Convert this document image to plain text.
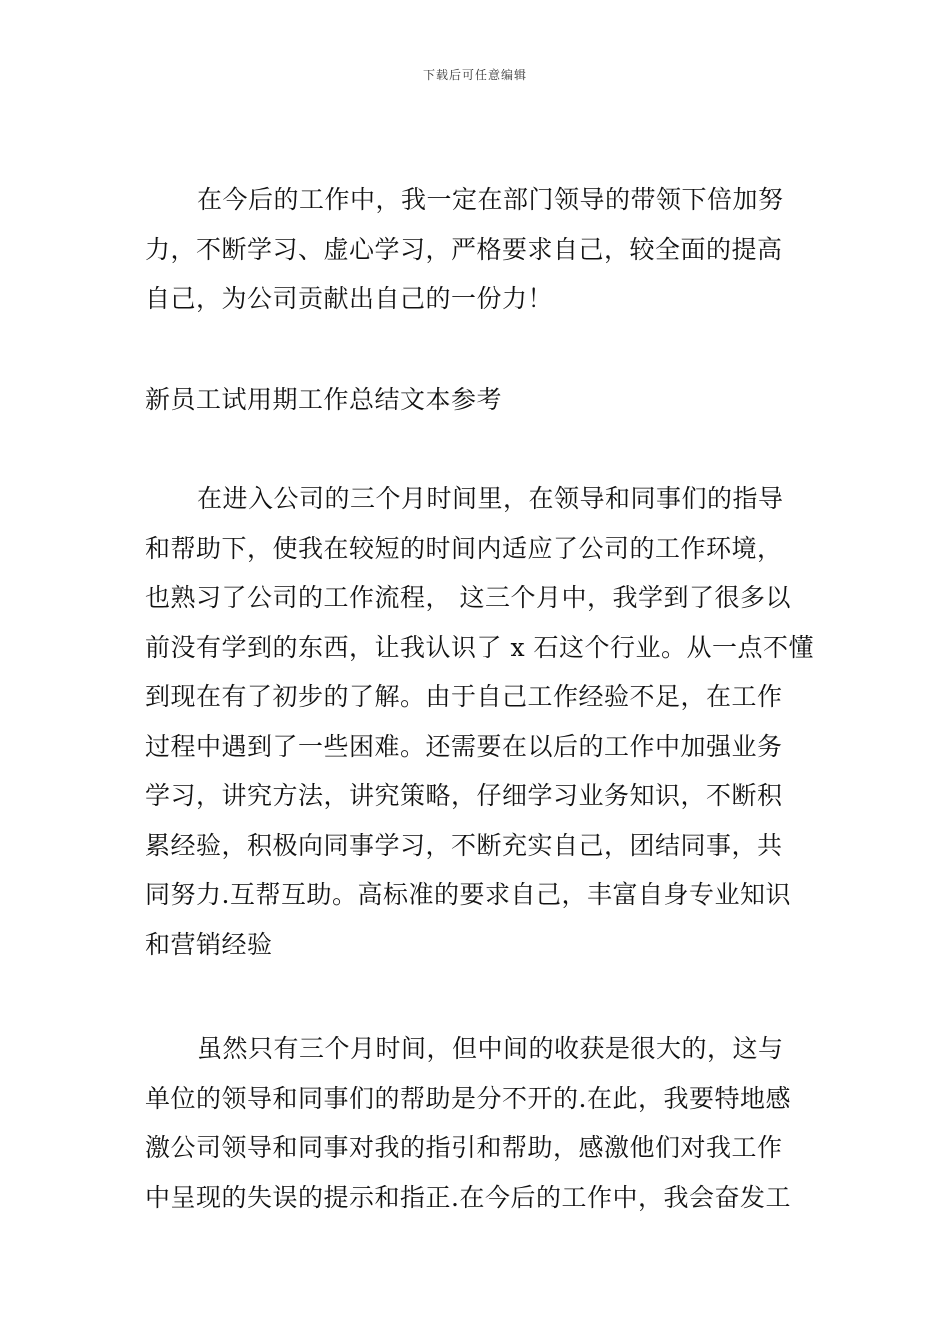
下载后可任意编辑
在今后的工作中，我一定在部门领导的带领下倍加努
力，不断学习、虚心学习，严格要求自己，较全面的提高
自己，为公司贡献出自己的一份力！
新员工试用期工作总结文本参考
在进入公司的三个月时间里，在领导和同事们的指导
和帮助下，使我在较短的时间内适应了公司的工作环境，
也熟习了公司的工作流程， 这三个月中，我学到了很多以
前没有学到的东西，让我认识了 x 石这个行业。从一点不懂
到现在有了初步的了解。由于自己工作经验不足，在工作
过程中遇到了一些困难。还需要在以后的工作中加强业务
学习，讲究方法，讲究策略，仔细学习业务知识，不断积
累经验，积极向同事学习，不断充实自己，团结同事，共
同努力.互帮互助。高标准的要求自己，丰富自身专业知识
和营销经验
虽然只有三个月时间，但中间的收获是很大的，这与
单位的领导和同事们的帮助是分不开的.在此，我要特地感
激公司领导和同事对我的指引和帮助，感激他们对我工作
中呈现的失误的提示和指正.在今后的工作中，我会奋发工
